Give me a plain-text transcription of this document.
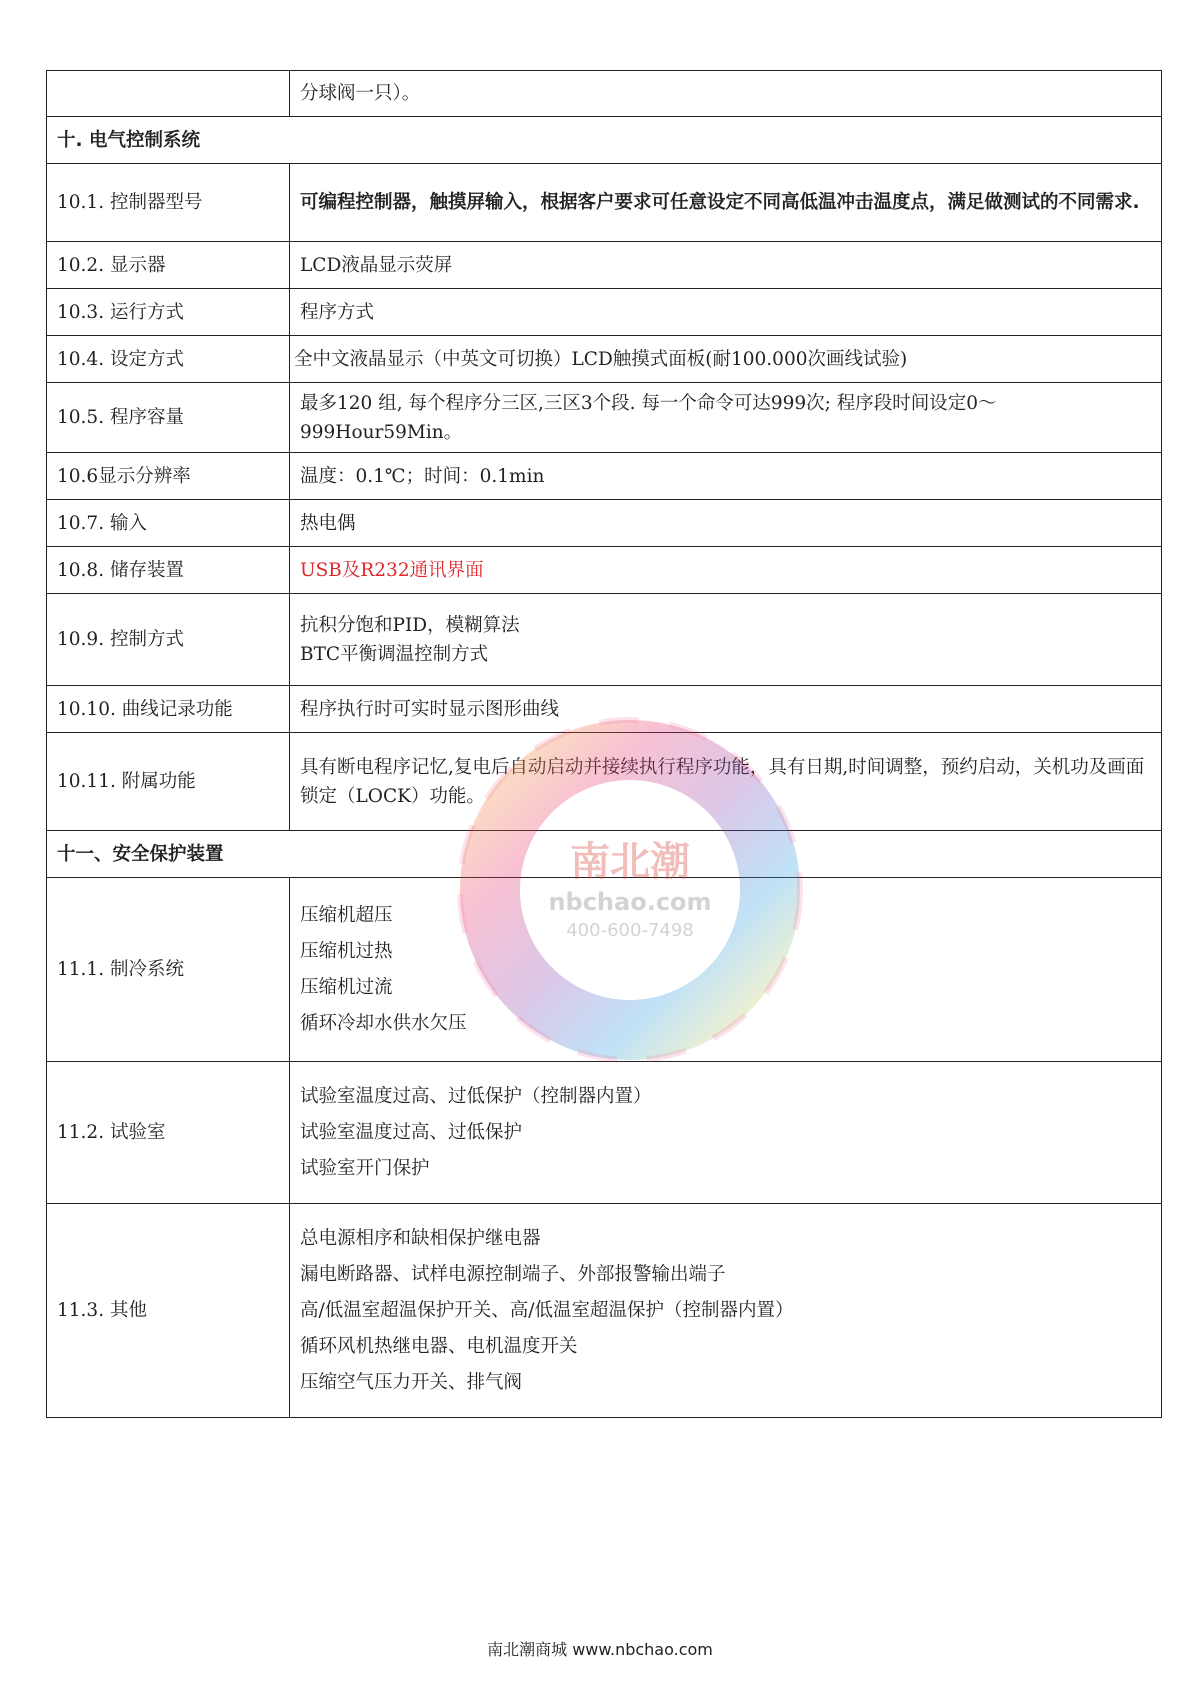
	分球阀一只）。
十. 电气控制系统	
10.1. 控制器型号	可编程控制器，触摸屏输入，根据客户要求可任意设定不同高低温冲击温度点，满足做测试的不同需求.
10.2. 显示器	LCD液晶显示荧屏
10.3. 运行方式	程序方式
10.4. 设定方式	全中文液晶显示（中英文可切换）LCD触摸式面板(耐100.000次画线试验)
10.5. 程序容量	最多120 组, 每个程序分三区,三区3个段. 每一个命令可达999次; 程序段时间设定0～999Hour59Min。
10.6显示分辨率	温度：0.1℃；时间：0.1min
10.7. 输入	热电偶
10.8. 储存装置	USB及R232通讯界面
10.9. 控制方式	抗积分饱和PID，模糊算法
BTC平衡调温控制方式

10.10. 曲线记录功能	程序执行时可实时显示图形曲线
10.11. 附属功能	具有断电程序记忆,复电后自动启动并接续执行程序功能，具有日期,时间调整，预约启动，关机功及画面锁定（LOCK）功能。
十一、安全保护装置	
11.1. 制冷系统	压缩机超压
压缩机过热
压缩机过流
循环冷却水供水欠压

11.2. 试验室	试验室温度过高、过低保护（控制器内置）
试验室温度过高、过低保护
试验室开门保护

11.3. 其他	总电源相序和缺相保护继电器
漏电断路器、试样电源控制端子、外部报警输出端子
高/低温室超温保护开关、高/低温室超温保护（控制器内置）
循环风机热继电器、电机温度开关
压缩空气压力开关、排气阀
南北潮
nbchao.com
400-600-7498
南北潮商城 www.nbchao.com
